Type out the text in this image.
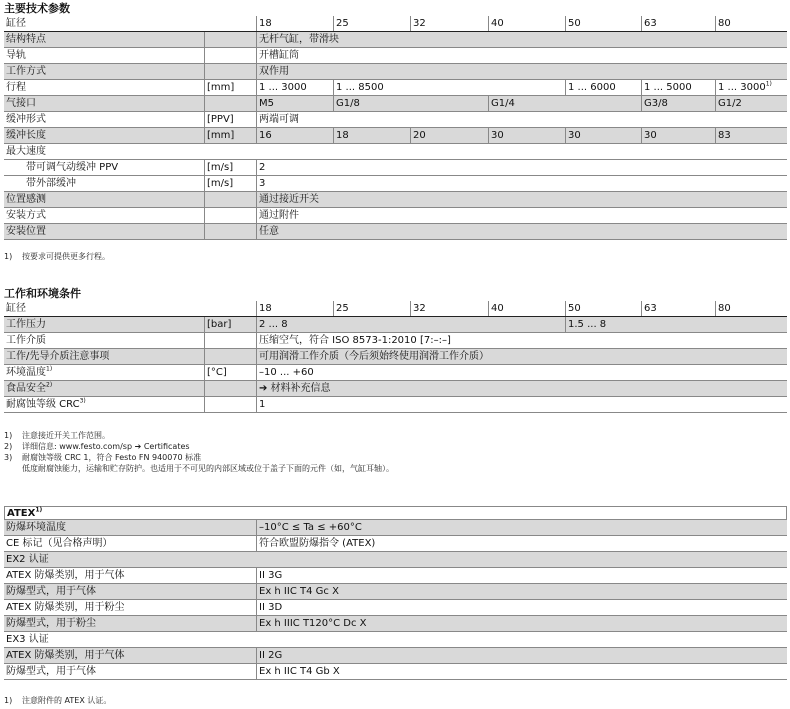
主要技术参数
缸径	18	25	32	40	50	63	80
结构特点	无杆气缸，带滑块
导轨	开槽缸筒
工作方式	双作用
行程	[mm]	1 ... 3000	1 ... 8500	1 ... 6000	1 ... 5000	1 ... 3000$^{1)}$
气接口	M5	G1/8	G1/4	G3/8	G1/2
缓冲形式	[PPV]	两端可调
缓冲长度	[mm]	16	18	20	30	30	30	83
最大速度
带可调气动缓冲 PPV	[m/s]	2
带外部缓冲	[m/s]	3
位置感测	通过接近开关
安装方式	通过附件
安装位置	任意
1) 按要求可提供更多行程。
工作和环境条件
缸径	18	25	32	40	50	63	80
工作压力	[bar]	2 ... 8	1.5 ... 8
工作介质	压缩空气，符合 ISO 8573-1:2010 [7:–:–]
工作/先导介质注意事项	可用润滑工作介质（今后须始终使用润滑工作介质）
环境温度$^{1)}$	[°C]	–10 ... +60
食品安全$^{2)}$	➔ 材料补充信息
耐腐蚀等级 CRC$^{3)}$	1
1) 注意接近开关工作范围。
2) 详细信息: www.festo.com/sp ➔ Certificates
3) 耐腐蚀等级 CRC 1，符合 Festo FN 940070 标准
低度耐腐蚀能力，运输和贮存防护。也适用于不可见的内部区域或位于盖子下面的元件（如，气缸耳轴）。
ATEX$^{1)}$
防爆环境温度	–10°C ≤ Ta ≤ +60°C
CE 标记（见合格声明）	符合欧盟防爆指令 (ATEX)
EX2 认证
ATEX 防爆类别，用于气体	II 3G
防爆型式，用于气体	Ex h IIC T4 Gc X
ATEX 防爆类别，用于粉尘	II 3D
防爆型式，用于粉尘	Ex h IIIC T120°C Dc X
EX3 认证
ATEX 防爆类别，用于气体	II 2G
防爆型式，用于气体	Ex h IIC T4 Gb X
1) 注意附件的 ATEX 认证。
